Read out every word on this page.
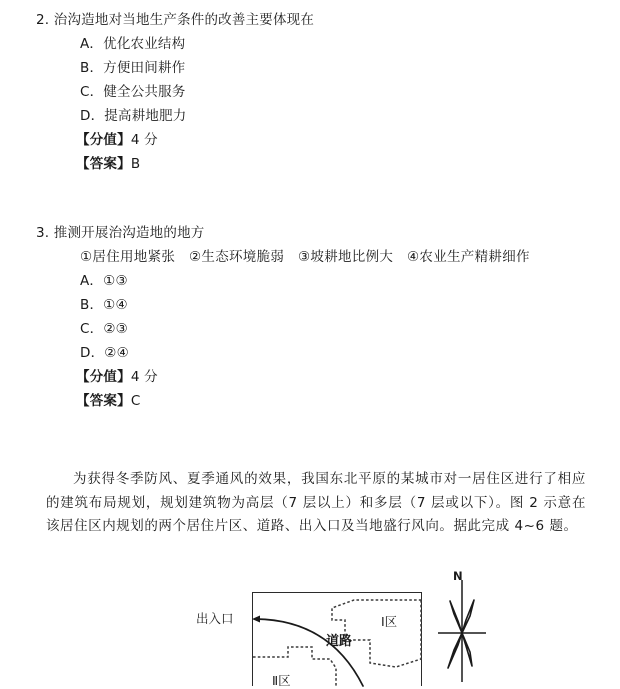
2. 治沟造地对当地生产条件的改善主要体现在
A．优化农业结构
B．方便田间耕作
C．健全公共服务
D．提高耕地肥力
【分值】4 分
【答案】B
3. 推测开展治沟造地的地方
①居住用地紧张　②生态环境脆弱　③坡耕地比例大　④农业生产精耕细作
A．①③
B．①④
C．②③
D．②④
【分值】4 分
【答案】C
为获得冬季防风、夏季通风的效果，我国东北平原的某城市对一居住区进行了相应的建筑布局规划，规划建筑物为高层（7 层以上）和多层（7 层或以下）。图 2 示意在该居住区内规划的两个居住片区、道路、出入口及当地盛行风向。据此完成 4~6 题。
出入口
道路
Ⅰ区
Ⅱ区
N
